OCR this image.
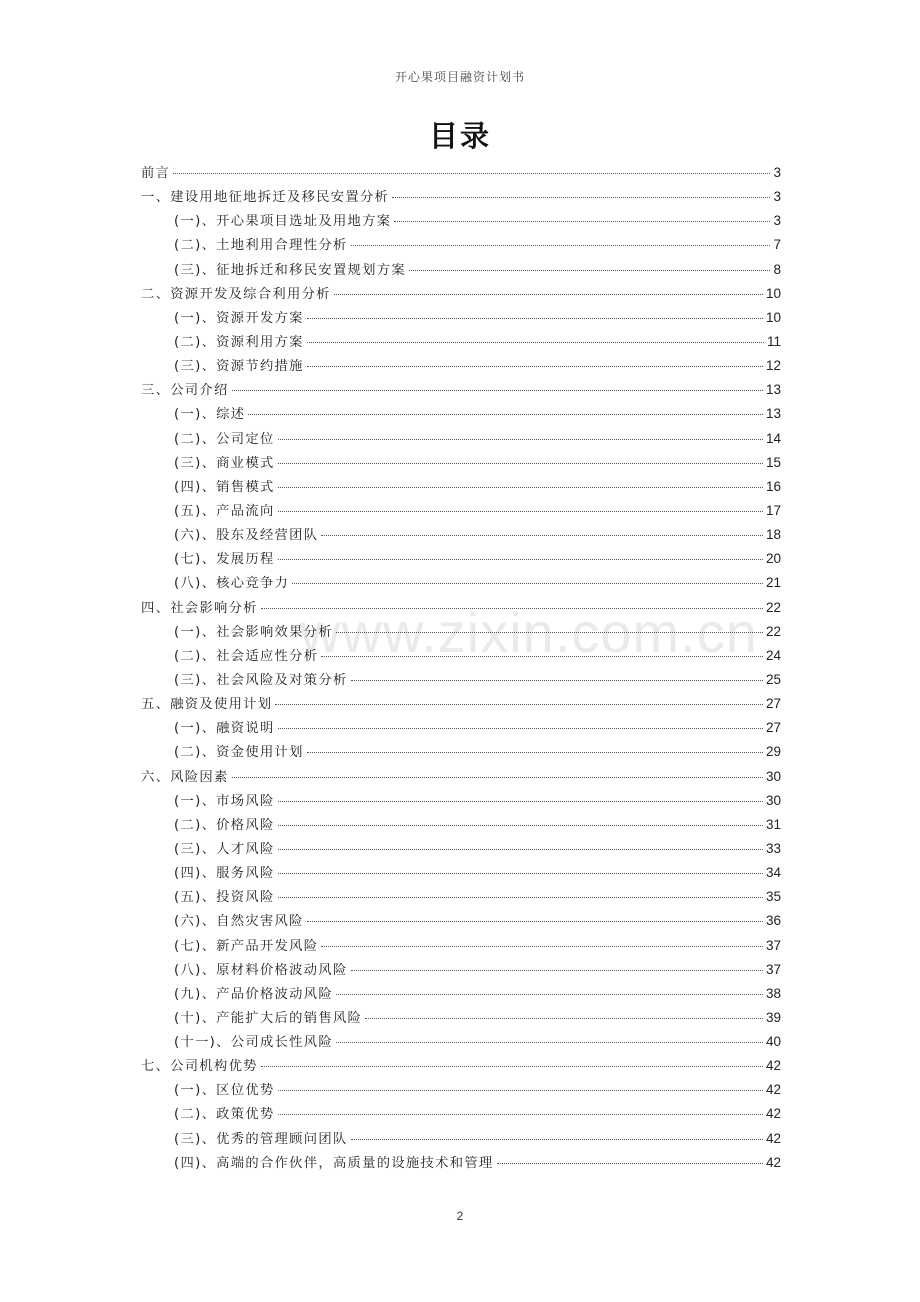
开心果项目融资计划书
目录
www.zixin.com.cn
前言	3
一、建设用地征地拆迁及移民安置分析	3
(一)、开心果项目选址及用地方案	3
(二)、土地利用合理性分析	7
(三)、征地拆迁和移民安置规划方案	8
二、资源开发及综合利用分析	10
(一)、资源开发方案	10
(二)、资源利用方案	11
(三)、资源节约措施	12
三、公司介绍	13
(一)、综述	13
(二)、公司定位	14
(三)、商业模式	15
(四)、销售模式	16
(五)、产品流向	17
(六)、股东及经营团队	18
(七)、发展历程	20
(八)、核心竞争力	21
四、社会影响分析	22
(一)、社会影响效果分析	22
(二)、社会适应性分析	24
(三)、社会风险及对策分析	25
五、融资及使用计划	27
(一)、融资说明	27
(二)、资金使用计划	29
六、风险因素	30
(一)、市场风险	30
(二)、价格风险	31
(三)、人才风险	33
(四)、服务风险	34
(五)、投资风险	35
(六)、自然灾害风险	36
(七)、新产品开发风险	37
(八)、原材料价格波动风险	37
(九)、产品价格波动风险	38
(十)、产能扩大后的销售风险	39
(十一)、公司成长性风险	40
七、公司机构优势	42
(一)、区位优势	42
(二)、政策优势	42
(三)、优秀的管理顾问团队	42
(四)、高端的合作伙伴，高质量的设施技术和管理	42
2
